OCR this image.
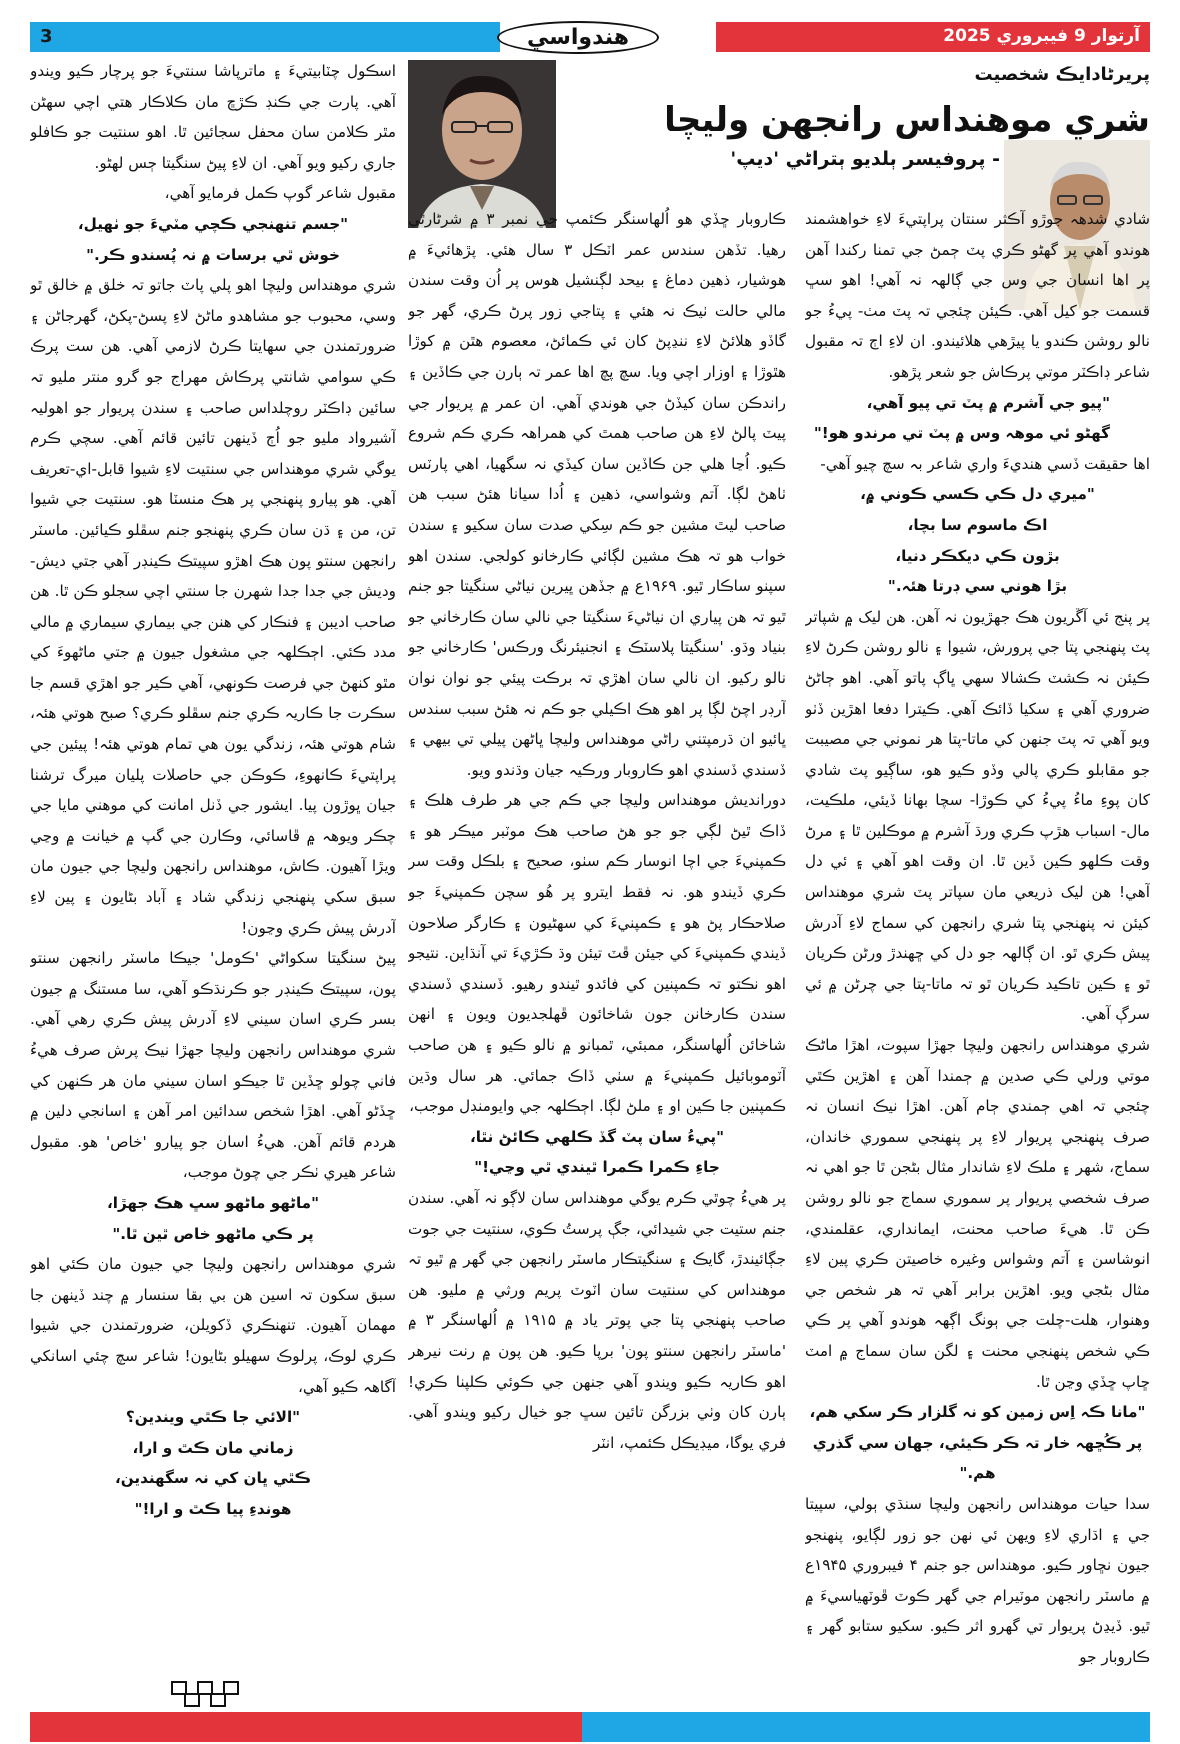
3	آرتوار 9 فيبروري 2025
هندواسي
پريرڻادايڪ شخصيت
شري موهنداس رانجهن وليچا
- پروفيسر ٻلديو ٻتراڻي 'ديپ'

شادي شدهہ جوڙو آڪثر سنتان پراپتيءَ لاءِ خواهشمند هوندو آهي پر گهڻو ڪري پٽ ڄمڻ جي تمنا رکندا آهن پر اها انسان جي وس جي ڳالهہ نہ آهي! اهو سڀ قسمت جو کيل آهي. ڪيئن چئجي تہ پٽ مٺ- پيءُ جو نالو روشن ڪندو يا پيڙهي هلائيندو. ان لاءِ اڄ تہ مقبول شاعر ڊاڪٽر موتي پرڪاش جو شعر پڙهو.

"پيو جي آشرم ۾ پٽ تي پيو آهي،

گهڻو ئي موهہ وس ۾ پٽ تي مرندو هو!"

اها حقيقت ڏسي هنديءَ واري شاعر بہ سچ چيو آهي-

"ميري دل ڪي ڪسي ڪوني ۾،

اڪ ماسوم سا بچا،

بڙون ڪي ديکڪر دنيا،

بڙا هوني سي ڊرتا هئہ."

پر پنج ئي آڱريون هڪ جهڙيون نہ آهن. هن ليک ۾ شپاتر پٽ پنهنجي پتا جي پرورش، شيوا ۽ نالو روشن ڪرڻ لاءِ ڪيئن نہ ڪشٽ ڪشالا سهي ڀاڳ پاتو آهي. اهو ڄاڻڻ ضروري آهي ۽ سکيا ڏائڪ آهي. ڪيترا دفعا اهڙين ڏٺو ويو آهي تہ پٽ جنهن کي ماتا-پتا هر نموني جي مصيبت جو مقابلو ڪري پالي وڏو ڪيو هو، ساڳيو پٽ شادي کان پوءِ ماءُ پيءُ کي ڪوڙا- سچا بهانا ڏيئي، ملڪيت، مال- اسباب هڙپ ڪري ورڌ آشرم ۾ موڪلين ٿا ۽ مرڻ وقت ڪلهو ڪين ڏين ٿا. ان وقت اهو آهي ۽ ئي دل آهي! هن ليک ذريعي مان سپاتر پٽ شري موهنداس کيئن نہ پنهنجي پتا شري رانجهن کي سماج لاءِ آدرش پيش ڪري ٿو. ان ڳالهہ جو دل کي ڇهندڙ ورڻن ڪريان ٿو ۽ ڪين تاڪيد ڪريان ٿو تہ ماتا-پتا جي چرڻن ۾ ئي سرڳ آهي.

شري موهنداس رانجهن وليچا جهڙا سپوت، اهڙا ماڻڪ موتي ورلي ڪي صدين ۾ ڄمندا آهن ۽ اهڙين ڪٿي چئجي تہ اهي ڄمندي ڄام آهن. اهڙا نيڪ انسان نہ صرف پنهنجي پريوار لاءِ پر پنهنجي سموري خاندان، سماج، شهر ۽ ملڪ لاءِ شاندار مثال بڻجن ٿا جو اهي نہ صرف شخصي پريوار پر سموري سماج جو نالو روشن ڪن ٿا. هيءَ صاحب محنت، ايمانداري، عقلمندي، انوشاسن ۽ آتم وشواس وغيره خاصيتن ڪري پين لاءِ مثال بڻجي ويو. اهڙين برابر آهي تہ هر شخص جي وهنوار، هلت-چلت جي ٻونگ اڳهہ هوندو آهي پر ڪي ڪي شخص پنهنجي محنت ۽ لگن سان سماج ۾ امٽ ڇاپ ڇڏي وڃن ٿا.

"مانا ڪہ اِس زمين کو نہ گلزار ڪر سکي هم،

پر ڪُڇهہ خار تہ ڪر ڪيئي، جهان سي گذري هم."

سدا حيات موهنداس رانجهن وليچا سنڌي ٻولي، سپيتا جي ۽ اڌاري لاءِ ويهن ئي نهن جو زور لڳايو، پنهنجو جيون نڇاور ڪيو. موهنداس جو جنم ۴ فيبروري ۱۹۴۵ع ۾ ماسٽر رانجهن موٽيرام جي گهر ڪوٽ ڦوٽهياسيءَ ۾ ٿيو. ڏيڍڻ پريوار تي گهرو اثر ڪيو. سکيو ستابو گهر ۽ ڪاروبار جو

ڪاروبار ڇڏي هو اُلهاسنگر ڪئمپ جي نمبر ۳ ۾ شرڻارٿي رهيا. تڏهن سندس عمر اٽڪل ۳ سال هئي. پڙهائيءَ ۾ هوشيار، ذهين دماغ ۽ بيحد لڳنشيل هوس پر اُن وقت سندن مالي حالت ٺيڪ نہ هئي ۽ پتاجي زور پرڻ ڪري، گهر جو گاڏو هلائڻ لاءِ ننڍپڻ کان ئي ڪمائڻ، معصوم هٿن ۾ کوڙا هٿوڙا ۽ اوزار اچي ويا. سچ پچ اها عمر تہ ٻارن جي ڪاڏين ۽ راندڪن سان کيڏڻ جي هوندي آهي. ان عمر ۾ پريوار جي پيٽ پالڻ لاءِ هن صاحب همٿ کي همراهہ ڪري ڪم شروع ڪيو. اُڃا هلي جن ڪاڏين سان کيڏي نہ سگهيا، اهي پارٽس ٺاهڻ لڳا. آتم وشواسي، ذهين ۽ اُدا سيانا هئڻ سبب هن صاحب ليٿ مشين جو ڪم سِکي صدت سان سکيو ۽ سندن خواب هو تہ هڪ مشين لڳائي ڪارخانو کولجي. سندن اهو سپنو ساڪار ٿيو. ۱۹۶۹ع ۾ جڏهن ڀيرين نياڻي سنگيتا جو جنم ٿيو تہ هن پياري ان نياڻيءَ سنگيتا جي نالي سان ڪارخاني جو بنياد وڌو. 'سنگيتا پلاسٽڪ ۽ انجنيئرنگ ورڪس' ڪارخاني جو نالو رکيو. ان نالي سان اهڙي تہ برڪت پيئي جو نوان نوان آرڊر اچڻ لڳا پر اهو هڪ اڪيلي جو ڪم نہ هئڻ سبب سندس ڀائيو ان ڌرمپتني راڻي موهنداس وليچا ڀاڻهن پيلي تي بيهي ۽ ڏسندي ڏسندي اهو ڪاروبار ورڪيہ جيان وڌندو ويو.

دوراندیش موهنداس وليچا جي ڪم جي هر طرف هلڪ ۽ ڏاڪ ٿيڻ لڳي جو جو هڻ صاحب هڪ موٽبر ميڪر هو ۽ ڪمپنيءَ جي اچا انوسار ڪم سٺو، صحيح ۽ بلڪل وقت سر ڪري ڏيندو هو. نہ فقط ايترو پر هُو سچن ڪمپنيءَ جو صلاحڪار پڻ هو ۽ ڪمپنيءَ کي سهڻيون ۽ ڪارگر صلاحون ڏيندي ڪمپنيءَ کي جيئن ڦٽ تيئن وڌ ڪڙيءَ تي آنڌاين. نتيجو اهو نڪتو تہ ڪمپنين کي فائدو ٿيندو رهيو. ڏسندي ڏسندي سندن ڪارخانن جون شاخائون ڦهلجديون ويون ۽ انهن شاخائن اُلهاسنگر، ممبئي، ٿمبانو ۾ نالو ڪيو ۽ هن صاحب آٽوموبائيل ڪمپنيءَ ۾ سٺي ڏاڪ جمائي. هر سال وڌين ڪمپنين جا ڪين او ۽ ملڻ لڳا. اڄڪلهہ جي وايومنڊل موجب،

"پيءُ سان پٽ گڏ ڪلهي ڪائڻ نٿا،

جاءِ ڪمرا ڪمرا ٿيندي ٿي وڃي!"

پر هيءُ چوٿي ڪرم يوگي موهنداس سان لاڳو نہ آهي. سندن جنم ستيت جي شيدائي، جڳ پرستُ ڪوي، سنتيت جي جوت جڳائيندڙ، گايڪ ۽ سنگيتڪار ماسٽر رانجهن جي گهر ۾ ٿيو تہ موهنداس کي سنتيت سان اٽوٽ پريم ورثي ۾ مليو. هن صاحب پنهنجي پتا جي پوتر ياد ۾ ۱۹۱۵ ۾ اُلهاسنگر ۳ ۾ 'ماسٽر رانجهن سنتو پون' برپا ڪيو. هن پون ۾ رنت نيرهر اهو ڪاريہ ڪيو ويندو آهي جنهن جي ڪوئي ڪلپنا ڪري! ٻارن کان وٺي بزرگن تائين سڀ جو خيال رکيو ويندو آهي. فري يوگا، ميڊيڪل ڪئمپ، انٽر

اسڪول چٽابيتيءَ ۽ ماترپاشا سنتيءَ جو پرچار ڪيو ويندو آهي. پارت جي ڪنڊ ڪڙڇ مان ڪلاڪار هتي اچي سهڻن مٿر ڪلامن سان محفل سجائين ٿا. اهو سنتيت جو ڪافلو جاري رکيو ويو آهي. ان لاءِ پيڻ سنگيتا ڄس لهڻو.

مقبول شاعر گوپ ڪمل فرمايو آهي،

"جسم تنهنجي ڪچي مٽيءَ جو ٺهيل،

خوش ٿي برسات ۾ نہ پُسندو ڪر."

شري موهنداس وليچا اهو پلي پاٽ جاتو تہ خلق ۾ خالق ٿو وسي، محبوب جو مشاهدو ماڻڻ لاءِ پسڻ-پکڻ، گهرجاڻن ۽ ضرورتمندن جي سهايتا ڪرڻ لازمي آهي. هن ست پرڪ ڪي سوامي شانتي پرڪاش مهراج جو گرو منتر مليو تہ سائين ڊاڪٽر روچلداس صاحب ۽ سندن پريوار جو اهوليہ آشيرواد مليو جو اُڄ ڏينهن تائين قائم آهي. سچي ڪرم يوگي شري موهنداس جي سنتيت لاءِ شيوا قابل-اي-تعريف آهي. هو پيارو پنهنجي پر هڪ منسٽا هو. سنتيت جي شيوا تن، من ۽ ڌن سان ڪري پنهنجو جنم سڦلو ڪيائين. ماسٽر رانجهن سنتو پون هڪ اهڙو سپيتڪ ڪينڊر آهي جتي ديش-وديش جي جدا جدا شهرن جا سنتي اچي سجلو ڪن ٿا. هن صاحب اديبن ۽ فنڪار کي هنن جي بيماري سيماري ۾ مالي مدد ڪئي. اڄڪلهہ جي مشغول جيون ۾ جتي ماڻهوءَ کي مٿو کنهڻ جي فرصت ڪونهي، آهي ڪير جو اهڙي قسم جا سڪرت جا ڪاريہ ڪري جنم سڦلو ڪري؟ صبح هوتي هئہ، شام هوتي هئہ، زندگي يون هي تمام هوتي هئہ! پيئين جي پراپتيءَ ڪانهوءِ، ڪوڪن جي حاصلات پليان ميرگ ترشنا جيان ڀوڙون پيا. ايشور جي ڏنل امانت کي موهني مايا جي چڪر ويوهہ ۾ ڦاسائي، وڪارن جي گپ ۾ خيانت ۾ وڃي ويڙا آهيون. ڪاش، موهنداس رانجهن وليچا جي جيون مان سبق سکي پنهنجي زندگي شاد ۽ آباد بڻايون ۽ پين لاءِ آدرش پيش ڪري وڃون!

پيڻ سنگيتا سکواڻي 'ڪومل' جيڪا ماسٽر رانجهن سنتو پون، سپيتڪ ڪينڊر جو ڪرنڌڪو آهي، سا مستنگ ۾ جيون بسر ڪري اسان سيني لاءِ آدرش پيش ڪري رهي آهي. شري موهنداس رانجهن وليچا جهڙا نيڪ پرش صرف هيءُ فاني چولو ڇڏين ٿا جيڪو اسان سيني مان هر ڪنهن کي ڇڏڻو آهي. اهڙا شخص سدائين امر آهن ۽ اسانجي دلين ۾ هردم قائم آهن. هيءُ اسان جو پيارو 'خاص' هو. مقبول شاعر هيري ٺڪر جي چوڻ موجب،

"ماڻهو ماڻهو سڀ هڪ جهڙا،

پر ڪي ماڻهو خاص ٿين ٿا."

شري موهنداس رانجهن وليچا جي جيون مان ڪئي اهو سبق سکون تہ اسين هن بي بقا سنسار ۾ چند ڏينهن جا مهمان آهيون. تنهنڪري ڏکويلن، ضرورتمندن جي شيوا ڪري لوڪ، پرلوڪ سهيلو بڻايون! شاعر سچ چئي اسانکي آگاهہ ڪيو آهي،

"الائي جا ڪٿي ويندين؟

زماني مان ڪٿ و ارا،

ڪٿي ڀان کي نہ سگهندين،

هوندءِ پيا ڪٿ و ارا!"
